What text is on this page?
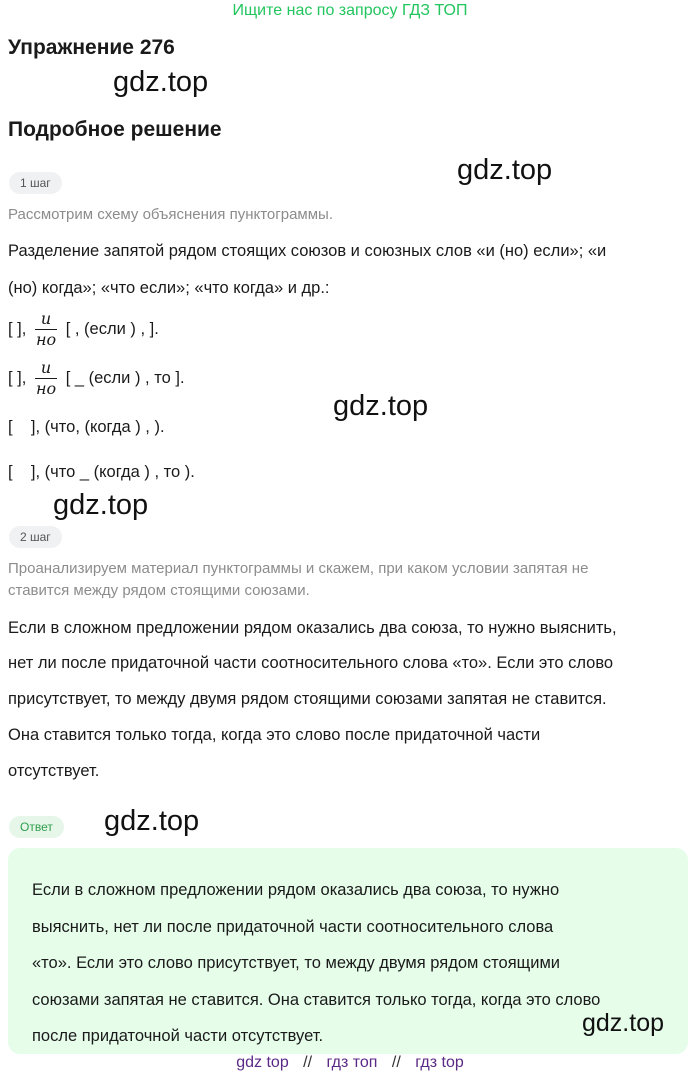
Ищите нас по запросу ГДЗ ТОП
Упражнение 276
gdz.top
Подробное решение
gdz.top
1 шаг
Рассмотрим схему объяснения пунктограммы.
Разделение запятой рядом стоящих союзов и союзных слов «и (но) если»; «и
(но) когда»; «что если»; «что когда» и др.:
[ ], $\frac{и}{но}$ [ , (если ) , ].
[ ], $\frac{и}{но}$ [ _ (если ) , то ].
gdz.top
[    ], (что, (когда ) , ).
[    ], (что _ (когда ) , то ).
gdz.top
2 шаг
Проанализируем материал пунктограммы и скажем, при каком условии запятая не
ставится между рядом стоящими союзами.
Если в сложном предложении рядом оказались два союза, то нужно выяснить,
нет ли после придаточной части соотносительного слова «то». Если это слово
присутствует, то между двумя рядом стоящими союзами запятая не ставится.
Она ставится только тогда, когда это слово после придаточной части
отсутствует.
Ответ	gdz.top
Если в сложном предложении рядом оказались два союза, то нужно
выяснить, нет ли после придаточной части соотносительного слова
«то». Если это слово присутствует, то между двумя рядом стоящими
союзами запятая не ставится. Она ставится только тогда, когда это слово
после придаточной части отсутствует.	gdz.top
gdz top // гдз топ // гдз top
